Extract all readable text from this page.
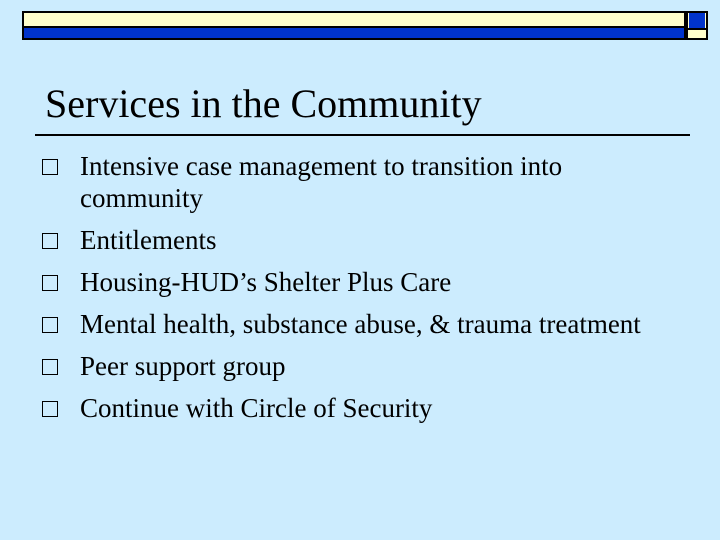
Services in the Community
Intensive case management to transition into community
Entitlements
Housing-HUD’s Shelter Plus Care
Mental health, substance abuse, & trauma treatment
Peer support group
Continue with Circle of Security
